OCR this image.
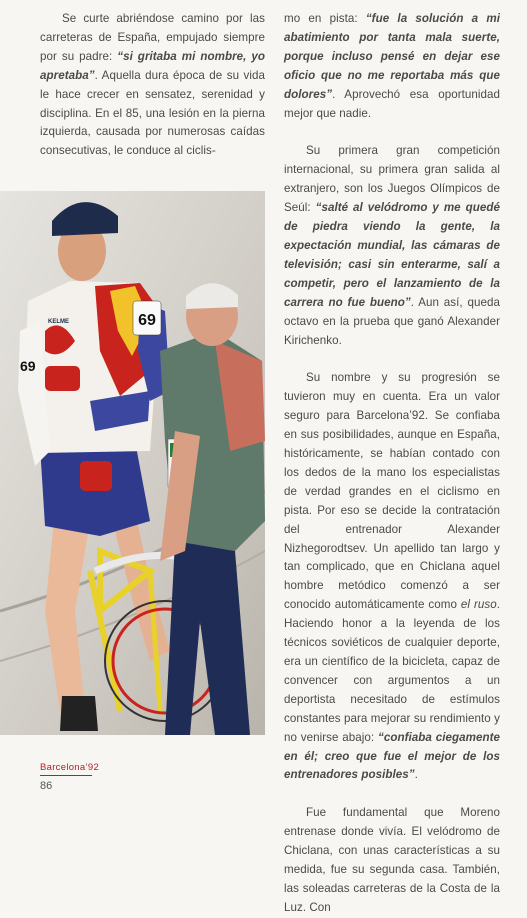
Se curte abriéndose camino por las carreteras de España, empujado siempre por su padre: “si gritaba mi nombre, yo apretaba”. Aquella dura época de su vida le hace crecer en sensatez, serenidad y disciplina. En el 85, una lesión en la pierna izquierda, causada por numerosas caídas consecutivas, le conduce al ciclis-

69
69
KELME

mo en pista: “fue la solución a mi abatimiento por tanta mala suerte, porque incluso pensé en dejar ese oficio que no me reportaba más que dolores”. Aprovechó esa oportunidad mejor que nadie.

Su primera gran competición internacional, su primera gran salida al extranjero, son los Juegos Olímpicos de Seúl: “salté al velódromo y me quedé de piedra viendo la gente, la expectación mundial, las cámaras de televisión; casi sin enterarme, salí a competir, pero el lanzamiento de la carrera no fue bueno”. Aun así, queda octavo en la prueba que ganó Alexander Kirichenko.

Su nombre y su progresión se tuvieron muy en cuenta. Era un valor seguro para Barcelona’92. Se confiaba en sus posibilidades, aunque en España, históricamente, se habían contado con los dedos de la mano los especialistas de verdad grandes en el ciclismo en pista. Por eso se decide la contratación del entrenador Alexander Nizhegorodtsev. Un apellido tan largo y tan complicado, que en Chiclana aquel hombre metódico comenzó a ser conocido automáticamente como el ruso. Haciendo honor a la leyenda de los técnicos soviéticos de cualquier deporte, era un científico de la bicicleta, capaz de convencer con argumentos a un deportista necesitado de estímulos constantes para mejorar su rendimiento y no venirse abajo: “confiaba ciegamente en él; creo que fue el mejor de los entrenadores posibles”.

Fue fundamental que Moreno entrenase donde vivía. El velódromo de Chiclana, con unas características a su medida, fue su segunda casa. También, las soleadas carreteras de la Costa de la Luz. Con

Barcelona’92
86
